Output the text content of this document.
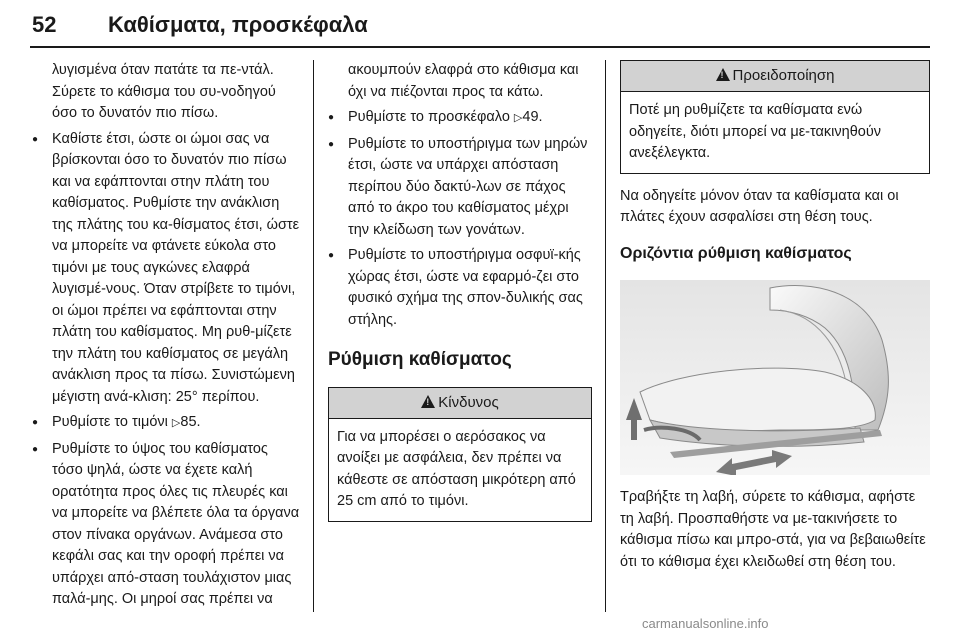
52 Καθίσματα, προσκέφαλα

λυγισμένα όταν πατάτε τα πε-ντάλ. Σύρετε το κάθισμα του συ-νοδηγού όσο το δυνατόν πιο πίσω.

● Καθίστε έτσι, ώστε οι ώμοι σας να βρίσκονται όσο το δυνατόν πιο πίσω και να εφάπτονται στην πλάτη του καθίσματος. Ρυθμίστε την ανάκλιση της πλάτης του κα-θίσματος έτσι, ώστε να μπορείτε να φτάνετε εύκολα στο τιμόνι με τους αγκώνες ελαφρά λυγισμέ-νους. Όταν στρίβετε το τιμόνι, οι ώμοι πρέπει να εφάπτονται στην πλάτη του καθίσματος. Μη ρυθ-μίζετε την πλάτη του καθίσματος σε μεγάλη ανάκλιση προς τα πίσω. Συνιστώμενη μέγιστη ανά-κλιση: 25° περίπου.

● Ρυθμίστε το τιμόνι ▷ 85.

● Ρυθμίστε το ύψος του καθίσματος τόσο ψηλά, ώστε να έχετε καλή ορατότητα προς όλες τις πλευρές και να μπορείτε να βλέπετε όλα τα όργανα στον πίνακα οργάνων. Ανάμεσα στο κεφάλι σας και την οροφή πρέπει να υπάρχει από-σταση τουλάχιστον μιας παλά-μης. Οι μηροί σας πρέπει να

ακουμπούν ελαφρά στο κάθισμα και όχι να πιέζονται προς τα κάτω.

● Ρυθμίστε το προσκέφαλο ▷ 49.

● Ρυθμίστε το υποστήριγμα των μηρών έτσι, ώστε να υπάρχει απόσταση περίπου δύο δακτύ-λων σε πάχος από το άκρο του καθίσματος μέχρι την κλείδωση των γονάτων.

● Ρυθμίστε το υποστήριγμα οσφυϊ-κής χώρας έτσι, ώστε να εφαρμό-ζει στο φυσικό σχήμα της σπον-δυλικής σας στήλης.

Ρύθμιση καθίσματος

!Κίνδυνος
Για να μπορέσει ο αερόσακος να ανοίξει με ασφάλεια, δεν πρέπει να κάθεστε σε απόσταση μικρότερη από 25 cm από το τιμόνι.
!Προειδοποίηση
Ποτέ μη ρυθμίζετε τα καθίσματα ενώ οδηγείτε, διότι μπορεί να με-τακινηθούν ανεξέλεγκτα.

Να οδηγείτε μόνον όταν τα καθίσματα και οι πλάτες έχουν ασφαλίσει στη θέση τους.

Οριζόντια ρύθμιση καθίσματος

Τραβήξτε τη λαβή, σύρετε το κάθισμα, αφήστε τη λαβή. Προσπαθήστε να με-τακινήσετε το κάθισμα πίσω και μπρο-στά, για να βεβαιωθείτε ότι το κάθισμα έχει κλειδωθεί στη θέση του.

carmanualsonline.info
